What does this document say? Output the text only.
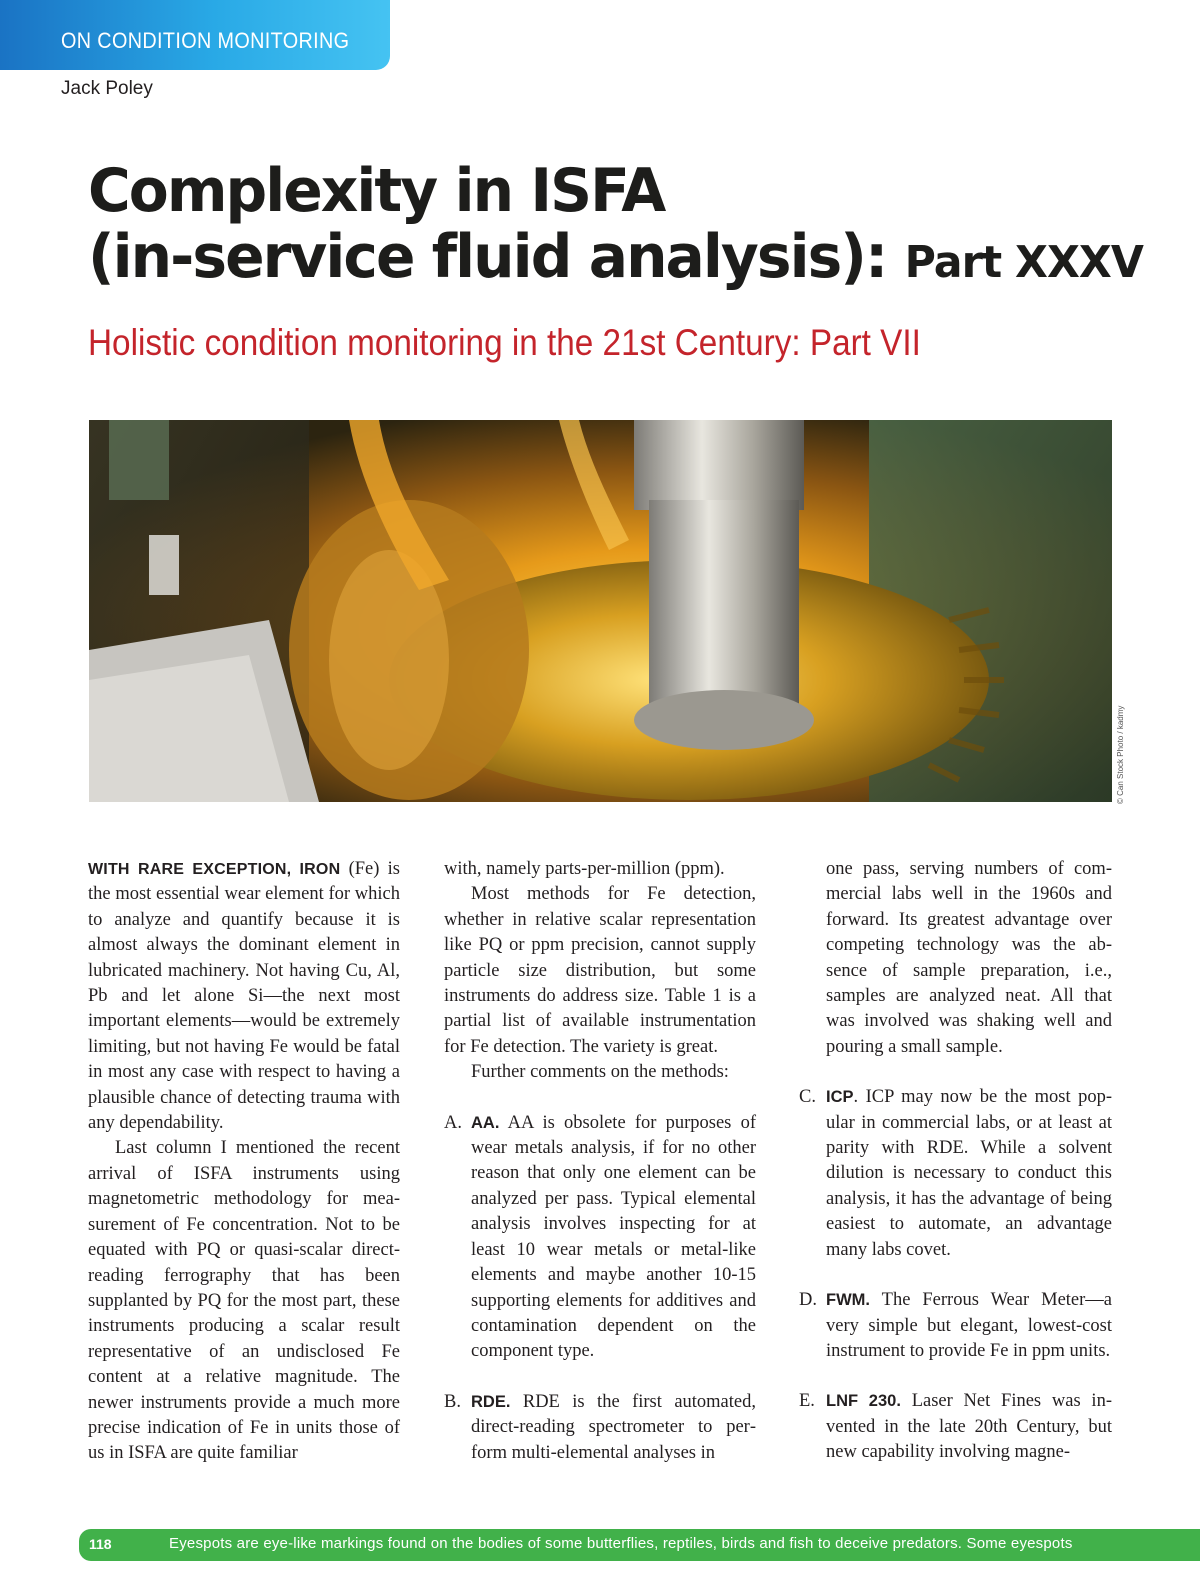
ON CONDITION MONITORING
Jack Poley
Complexity in ISFA
(in-service fluid analysis): Part XXXV
Holistic condition monitoring in the 21st Century: Part VII
© Can Stock Photo / kadmy

WITH RARE EXCEPTION, IRON (Fe) is the most essential wear element for which to analyze and quantify because it is almost always the dominant element in lubricated machinery. Not having Cu, Al, Pb and let alone Si—the next most important elements—would be extremely limiting, but not having Fe would be fatal in most any case with respect to having a plausible chance of detecting trauma with any dependability.

Last column I mentioned the recent arrival of ISFA instruments using magnetometric methodology for measurement of Fe concentration. Not to be equated with PQ or quasi-scalar direct-reading ferrography that has been supplanted by PQ for the most part, these instruments producing a scalar result representative of an undisclosed Fe content at a relative magnitude. The newer instruments provide a much more precise indication of Fe in units those of us in ISFA are quite familiar

with, namely parts-per-million (ppm).

Most methods for Fe detection, whether in relative scalar representation like PQ or ppm precision, cannot supply particle size distribution, but some instruments do address size. Table 1 is a partial list of available instrumentation for Fe detection. The variety is great.

Further comments on the methods:

A. AA. AA is obsolete for purposes of wear metals analysis, if for no other reason that only one element can be analyzed per pass. Typical elemental analysis involves inspecting for at least 10 wear metals or metal-like elements and maybe another 10-15 supporting elements for additives and contamination dependent on the component type.

B. RDE. RDE is the first automated, direct-reading spectrometer to perform multi-elemental analyses in

one pass, serving numbers of commercial labs well in the 1960s and forward. Its greatest advantage over competing technology was the absence of sample preparation, i.e., samples are analyzed neat. All that was involved was shaking well and pouring a small sample.

C. ICP. ICP may now be the most popular in commercial labs, or at least at parity with RDE. While a solvent dilution is necessary to conduct this analysis, it has the advantage of being easiest to automate, an advantage many labs covet.

D. FWM. The Ferrous Wear Meter—a very simple but elegant, lowest-cost instrument to provide Fe in ppm units.

E. LNF 230. Laser Net Fines was invented in the late 20th Century, but new capability involving magne-

118	Eyespots are eye-like markings found on the bodies of some butterflies, reptiles, birds and fish to deceive predators. Some eyespots
